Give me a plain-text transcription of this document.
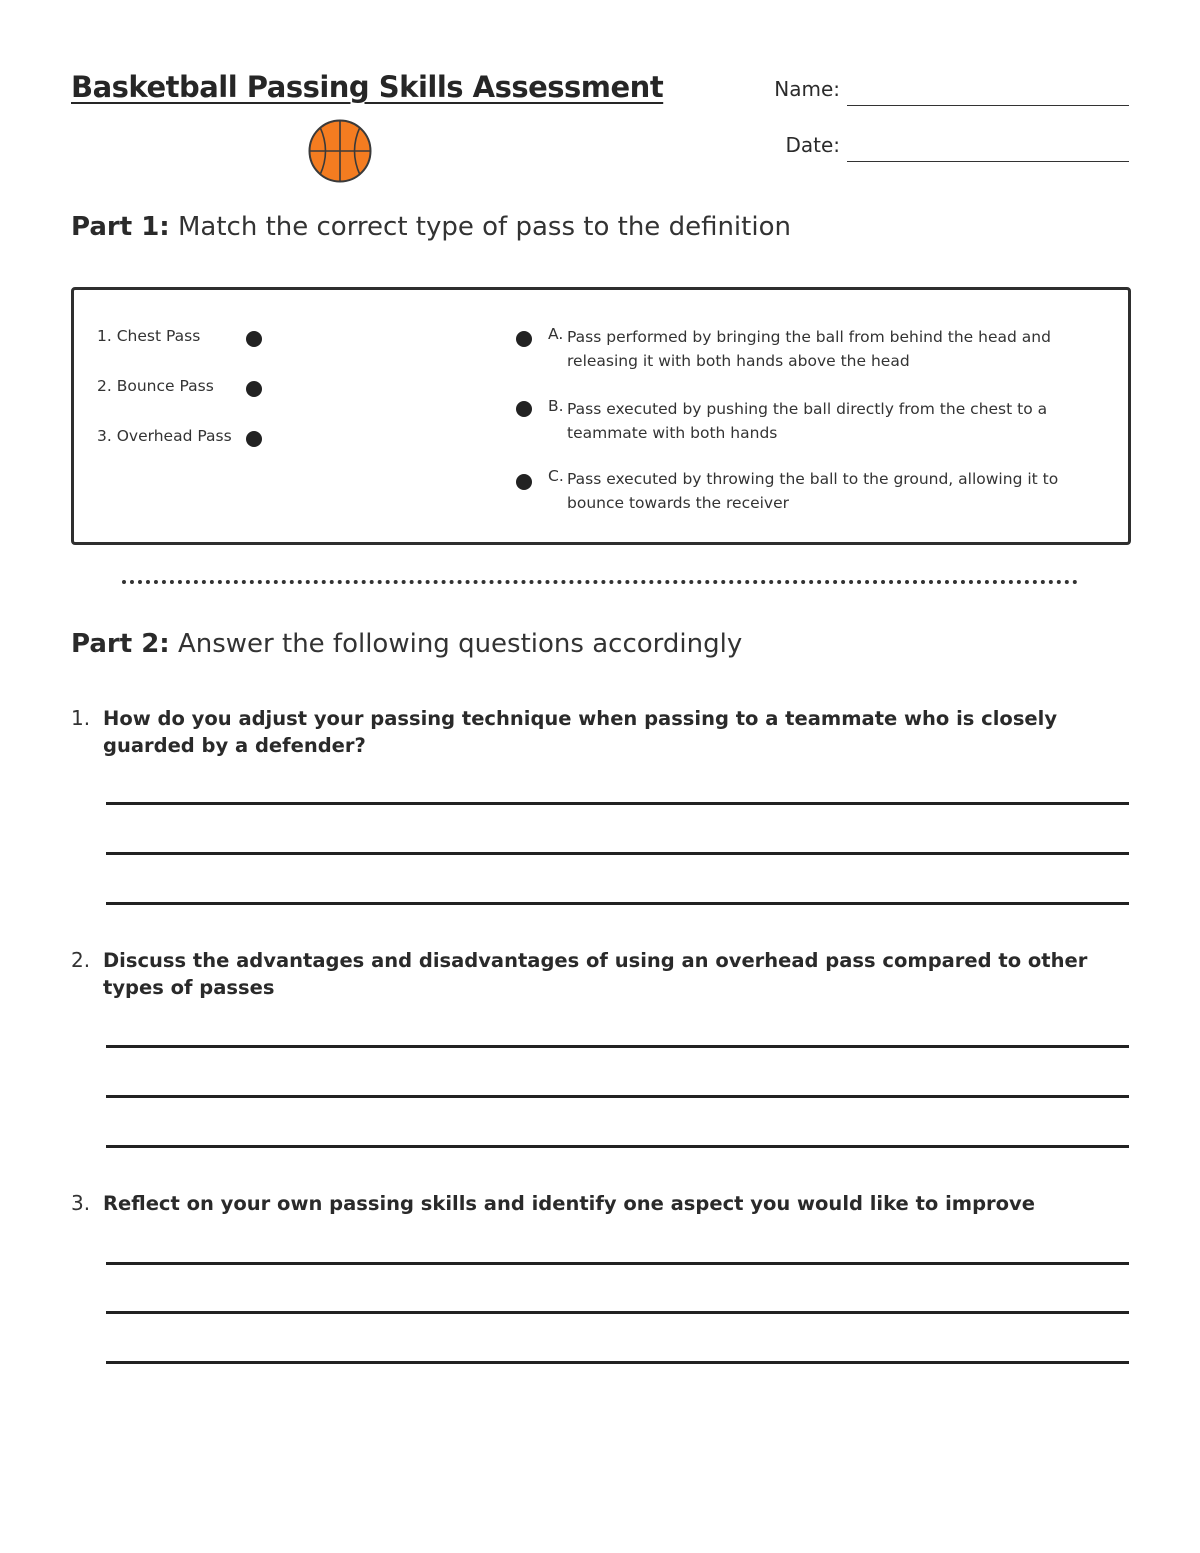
Basketball Passing Skills Assessment	Name:
Date:
Part 1: Match the correct type of pass to the definition
1. Chest Pass
2. Bounce Pass
3. Overhead Pass
A. Pass performed by bringing the ball from behind the head and releasing it with both hands above the head
B. Pass executed by pushing the ball directly from the chest to a teammate with both hands
C. Pass executed by throwing the ball to the ground, allowing it to bounce towards the receiver
Part 2: Answer the following questions accordingly
1. How do you adjust your passing technique when passing to a teammate who is closely guarded by a defender?
2. Discuss the advantages and disadvantages of using an overhead pass compared to other types of passes
3. Reflect on your own passing skills and identify one aspect you would like to improve
